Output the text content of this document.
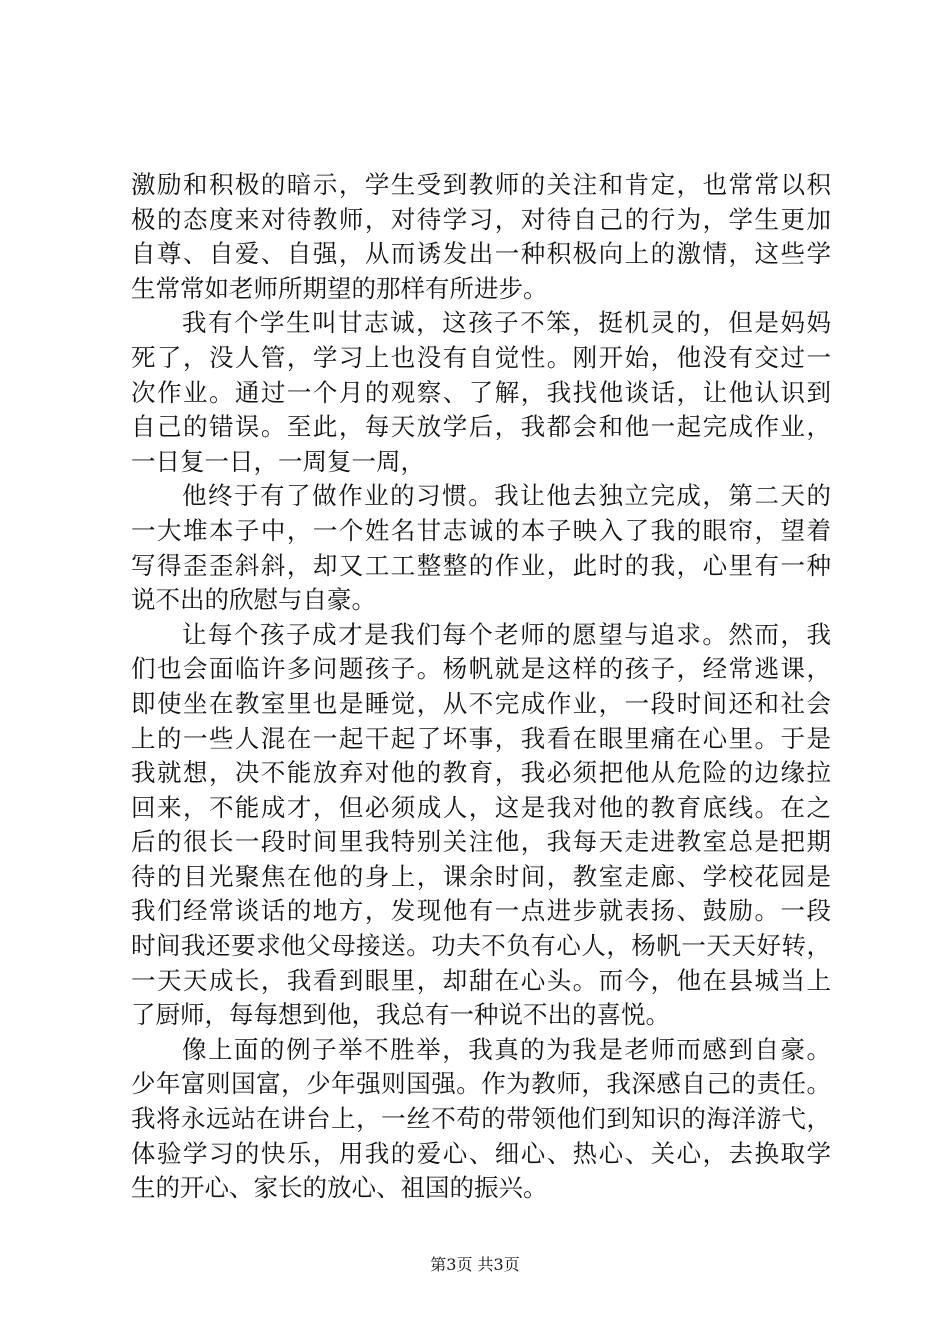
激励和积极的暗示，学生受到教师的关注和肯定，也常常以积
极的态度来对待教师，对待学习，对待自己的行为，学生更加
自尊、自爱、自强，从而诱发出一种积极向上的激情，这些学
生常常如老师所期望的那样有所进步。
我有个学生叫甘志诚，这孩子不笨，挺机灵的，但是妈妈
死了，没人管，学习上也没有自觉性。刚开始，他没有交过一
次作业。通过一个月的观察、了解，我找他谈话，让他认识到
自己的错误。至此，每天放学后，我都会和他一起完成作业，
一日复一日，一周复一周，
他终于有了做作业的习惯。我让他去独立完成，第二天的
一大堆本子中，一个姓名甘志诚的本子映入了我的眼帘，望着
写得歪歪斜斜，却又工工整整的作业，此时的我，心里有一种
说不出的欣慰与自豪。
让每个孩子成才是我们每个老师的愿望与追求。然而，我
们也会面临许多问题孩子。杨帆就是这样的孩子，经常逃课，
即使坐在教室里也是睡觉，从不完成作业，一段时间还和社会
上的一些人混在一起干起了坏事，我看在眼里痛在心里。于是
我就想，决不能放弃对他的教育，我必须把他从危险的边缘拉
回来，不能成才，但必须成人，这是我对他的教育底线。在之
后的很长一段时间里我特别关注他，我每天走进教室总是把期
待的目光聚焦在他的身上，课余时间，教室走廊、学校花园是
我们经常谈话的地方，发现他有一点进步就表扬、鼓励。一段
时间我还要求他父母接送。功夫不负有心人，杨帆一天天好转，
一天天成长，我看到眼里，却甜在心头。而今，他在县城当上
了厨师，每每想到他，我总有一种说不出的喜悦。
像上面的例子举不胜举，我真的为我是老师而感到自豪。
少年富则国富，少年强则国强。作为教师，我深感自己的责任。
我将永远站在讲台上，一丝不苟的带领他们到知识的海洋游弋，
体验学习的快乐，用我的爱心、细心、热心、关心，去换取学
生的开心、家长的放心、祖国的振兴。
第3页 共3页
